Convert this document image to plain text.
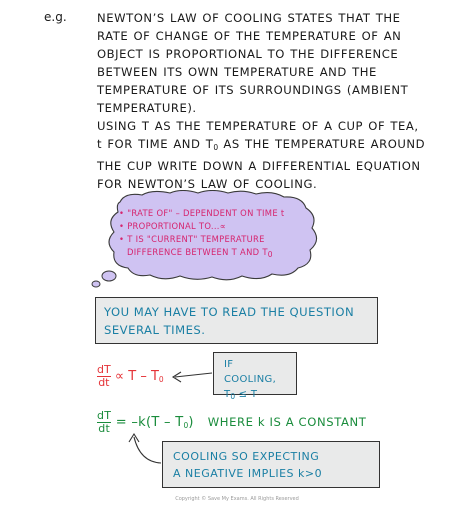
e.g.	NEWTON’S LAW OF COOLING STATES THAT THE
RATE OF CHANGE OF THE TEMPERATURE OF AN
OBJECT IS PROPORTIONAL TO THE DIFFERENCE
BETWEEN ITS OWN TEMPERATURE AND THE
TEMPERATURE OF ITS SURROUNDINGS (AMBIENT
TEMPERATURE).
USING T AS THE TEMPERATURE OF A CUP OF TEA,
t FOR TIME AND $T_0$ AS THE TEMPERATURE AROUND
THE CUP WRITE DOWN A DIFFERENTIAL EQUATION
FOR NEWTON’S LAW OF COOLING.
• "RATE OF" – DEPENDENT ON TIME t
• PROPORTIONAL TO...∝
• T IS "CURRENT" TEMPERATURE
DIFFERENCE BETWEEN T AND $T_0$
YOU MAY HAVE TO READ THE QUESTION
SEVERAL TIMES.
$\frac{dT}{dt} \propto T - T_0$
IF COOLING,
$T_0 \le T$
$\frac{dT}{dt} = -k(T - T_0)$ WHERE k IS A CONSTANT
COOLING SO EXPECTING
A NEGATIVE IMPLIES k>0
Copyright © Save My Exams. All Rights Reserved
